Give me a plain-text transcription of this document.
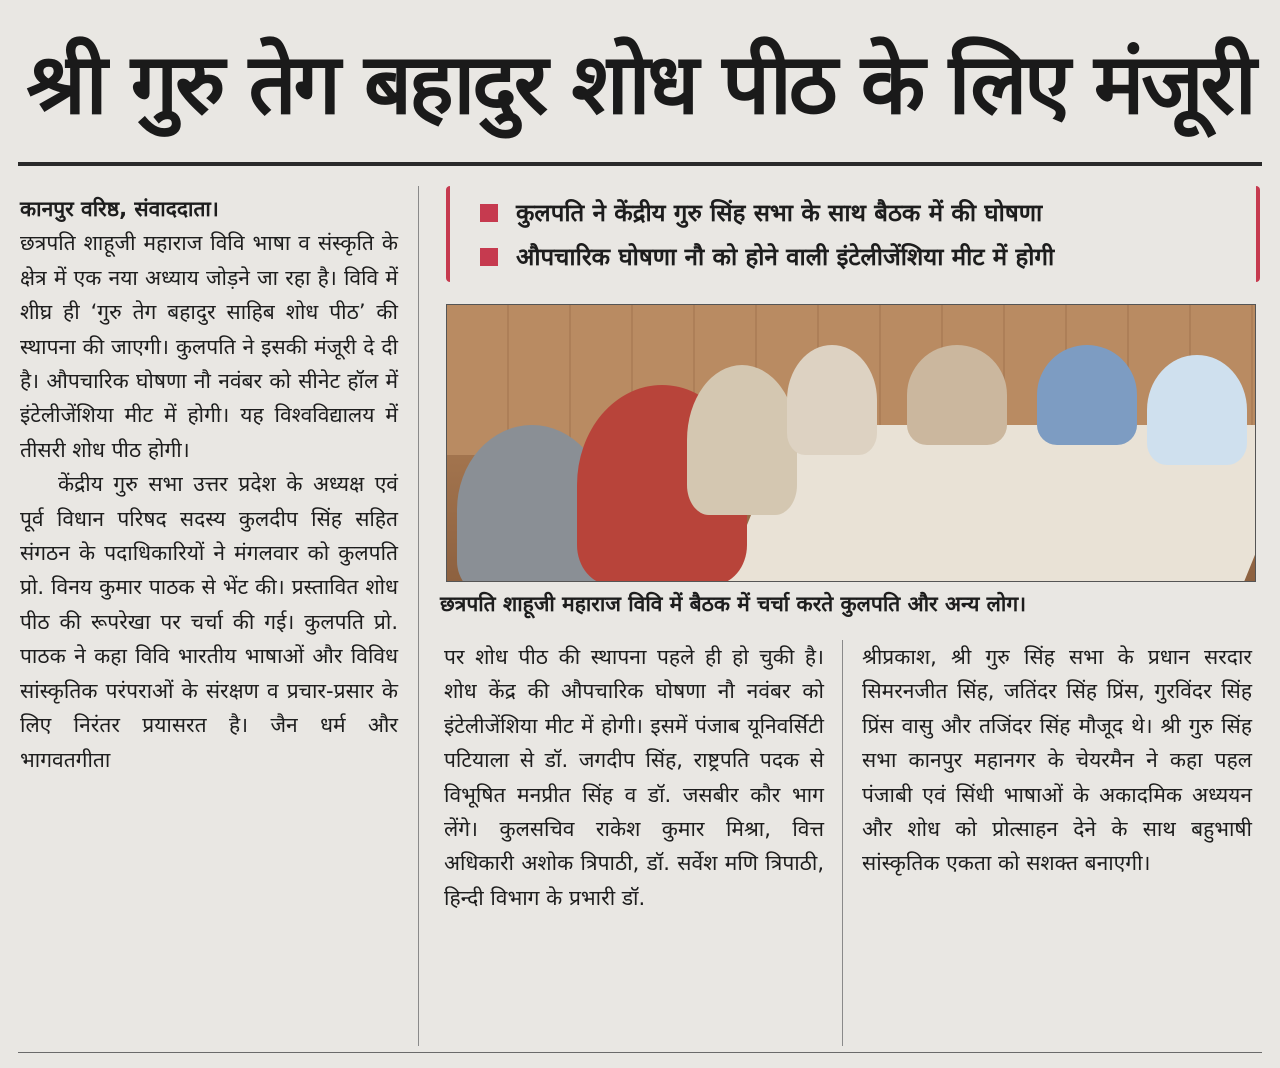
श्री गुरु तेग बहादुर शोध पीठ के लिए मंजूरी

कानपुर वरिष्ठ, संवाददाता।

छत्रपति शाहूजी महाराज विवि भाषा व संस्कृति के क्षेत्र में एक नया अध्याय जोड़ने जा रहा है। विवि में शीघ्र ही ‘गुरु तेग बहादुर साहिब शोध पीठ’ की स्थापना की जाएगी। कुलपति ने इसकी मंजूरी दे दी है। औपचारिक घोषणा नौ नवंबर को सीनेट हॉल में इंटेलीजेंशिया मीट में होगी। यह विश्वविद्यालय में तीसरी शोध पीठ होगी।

केंद्रीय गुरु सभा उत्तर प्रदेश के अध्यक्ष एवं पूर्व विधान परिषद सदस्य कुलदीप सिंह सहित संगठन के पदाधिकारियों ने मंगलवार को कुलपति प्रो. विनय कुमार पाठक से भेंट की। प्रस्तावित शोध पीठ की रूपरेखा पर चर्चा की गई। कुलपति प्रो. पाठक ने कहा विवि भारतीय भाषाओं और विविध सांस्कृतिक परंपराओं के संरक्षण व प्रचार-प्रसार के लिए निरंतर प्रयासरत है। जैन धर्म और भागवतगीता

कुलपति ने केंद्रीय गुरु सिंह सभा के साथ बैठक में की घोषणा
औपचारिक घोषणा नौ को होने वाली इंटेलीजेंशिया मीट में होगी
छत्रपति शाहूजी महाराज विवि में बैठक में चर्चा करते कुलपति और अन्य लोग।

पर शोध पीठ की स्थापना पहले ही हो चुकी है। शोध केंद्र की औपचारिक घोषणा नौ नवंबर को इंटेलीजेंशिया मीट में होगी। इसमें पंजाब यूनिवर्सिटी पटियाला से डॉ. जगदीप सिंह, राष्ट्रपति पदक से विभूषित मनप्रीत सिंह व डॉ. जसबीर कौर भाग लेंगे। कुलसचिव राकेश कुमार मिश्रा, वित्त अधिकारी अशोक त्रिपाठी, डॉ. सर्वेश मणि त्रिपाठी, हिन्दी विभाग के प्रभारी डॉ.

श्रीप्रकाश, श्री गुरु सिंह सभा के प्रधान सरदार सिमरनजीत सिंह, जतिंदर सिंह प्रिंस, गुरविंदर सिंह प्रिंस वासु और तजिंदर सिंह मौजूद थे। श्री गुरु सिंह सभा कानपुर महानगर के चेयरमैन ने कहा पहल पंजाबी एवं सिंधी भाषाओं के अकादमिक अध्ययन और शोध को प्रोत्साहन देने के साथ बहुभाषी सांस्कृतिक एकता को सशक्त बनाएगी।
